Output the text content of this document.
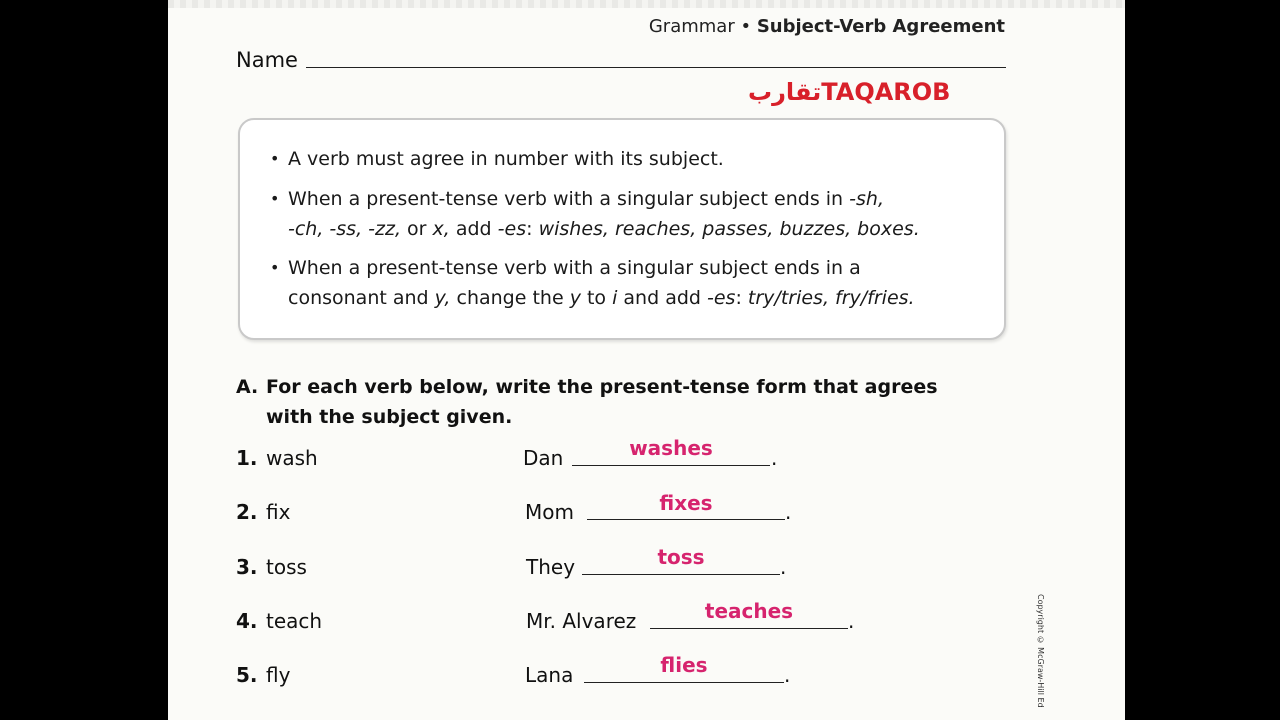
Grammar • Subject-Verb Agreement
Name
تقاربTAQAROB
• A verb must agree in number with its subject.
• When a present-tense verb with a singular subject ends in -sh,
-ch, -ss, -zz, or x, add -es: wishes, reaches, passes, buzzes, boxes.
• When a present-tense verb with a singular subject ends in a
consonant and y, change the y to i and add -es: try/tries, fry/fries.
A. For each verb below, write the present-tense form that agrees with the subject given.
1. wash	Dan	washes	.
2. fix	Mom	fixes	.
3. toss	They	toss	.
4. teach	Mr. Alvarez	teaches	.
5. fly	Lana	flies	.	Copyright © McGraw-Hill Ed
